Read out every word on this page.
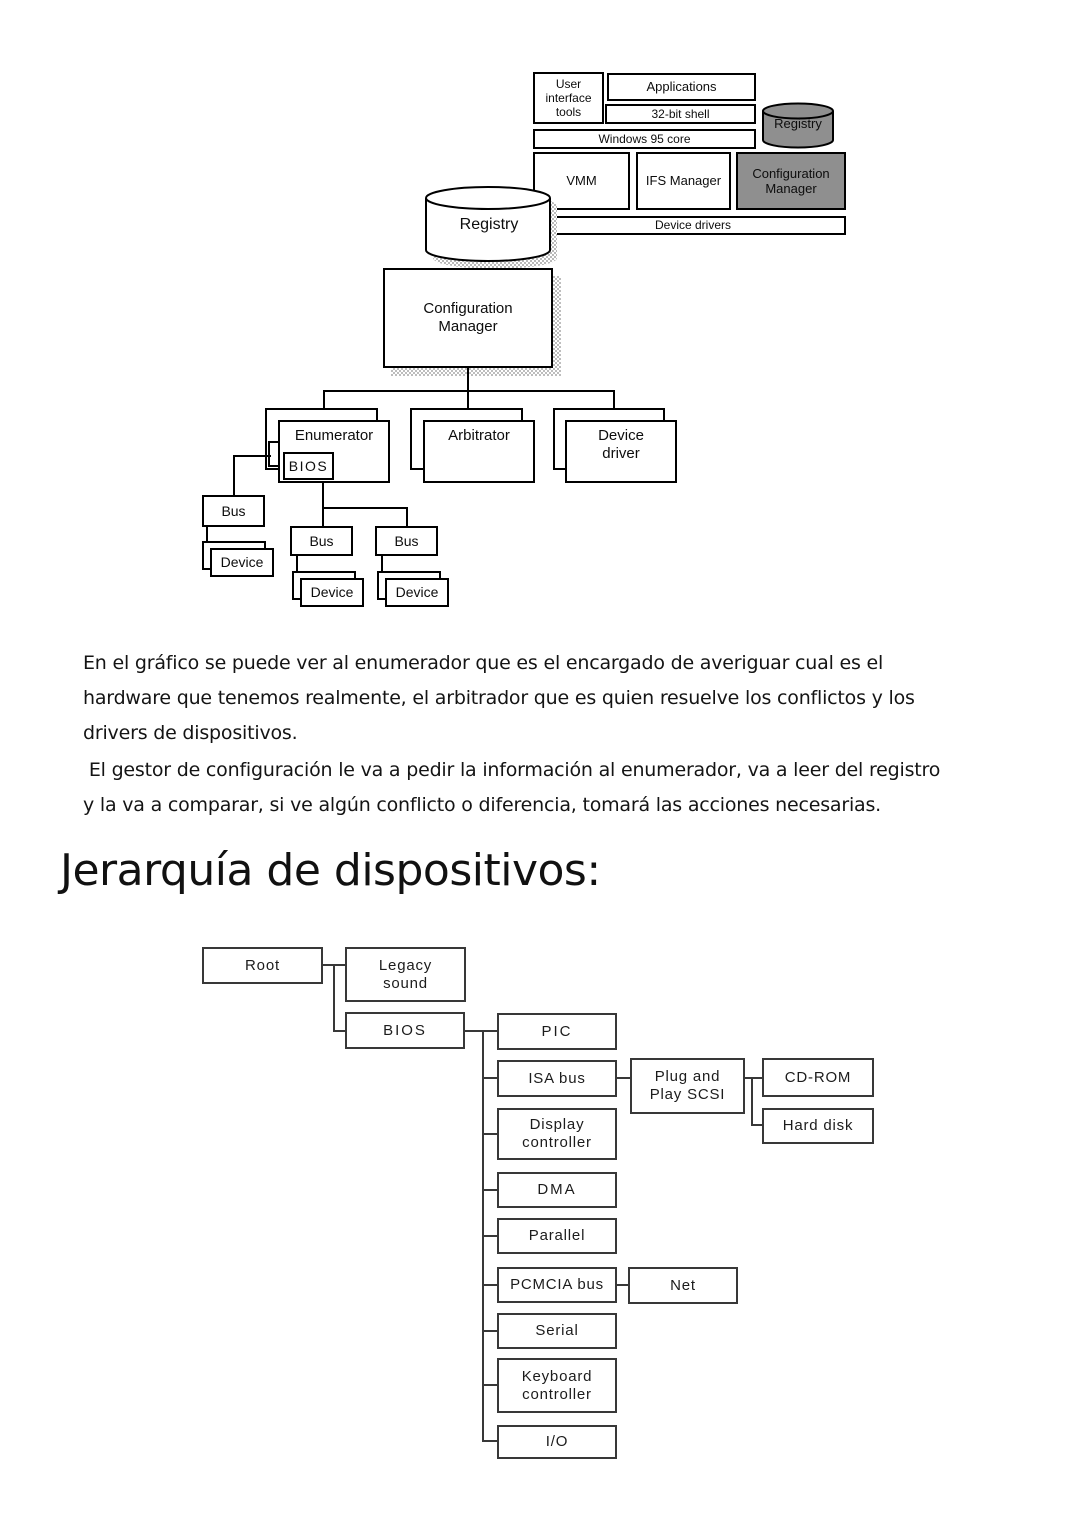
User interface tools
Applications
32-bit shell
Windows 95 core
VMM	IFS Manager
Configuration Manager
Device drivers
Registry
Registry
Configuration Manager
Enumerator
BIOS
Arbitrator	Device driver
Bus
Device
Bus	Bus
Device	Device
En el gráfico se puede ver al enumerador que es el encargado de averiguar cual es el
hardware que tenemos realmente, el arbitrador que es quien resuelve los conflictos y los
drivers de dispositivos.
El gestor de configuración le va a pedir la información al enumerador, va a leer del registro
y la va a comparar, si ve algún conflicto o diferencia, tomará las acciones necesarias.
Jerarquía de dispositivos:
Root	Legacy sound
BIOS	PIC
ISA bus
Display controller
DMA
Parallel
PCMCIA bus
Serial
Keyboard controller
I/O
Plug and Play SCSI
CD-ROM
Hard disk
Net
